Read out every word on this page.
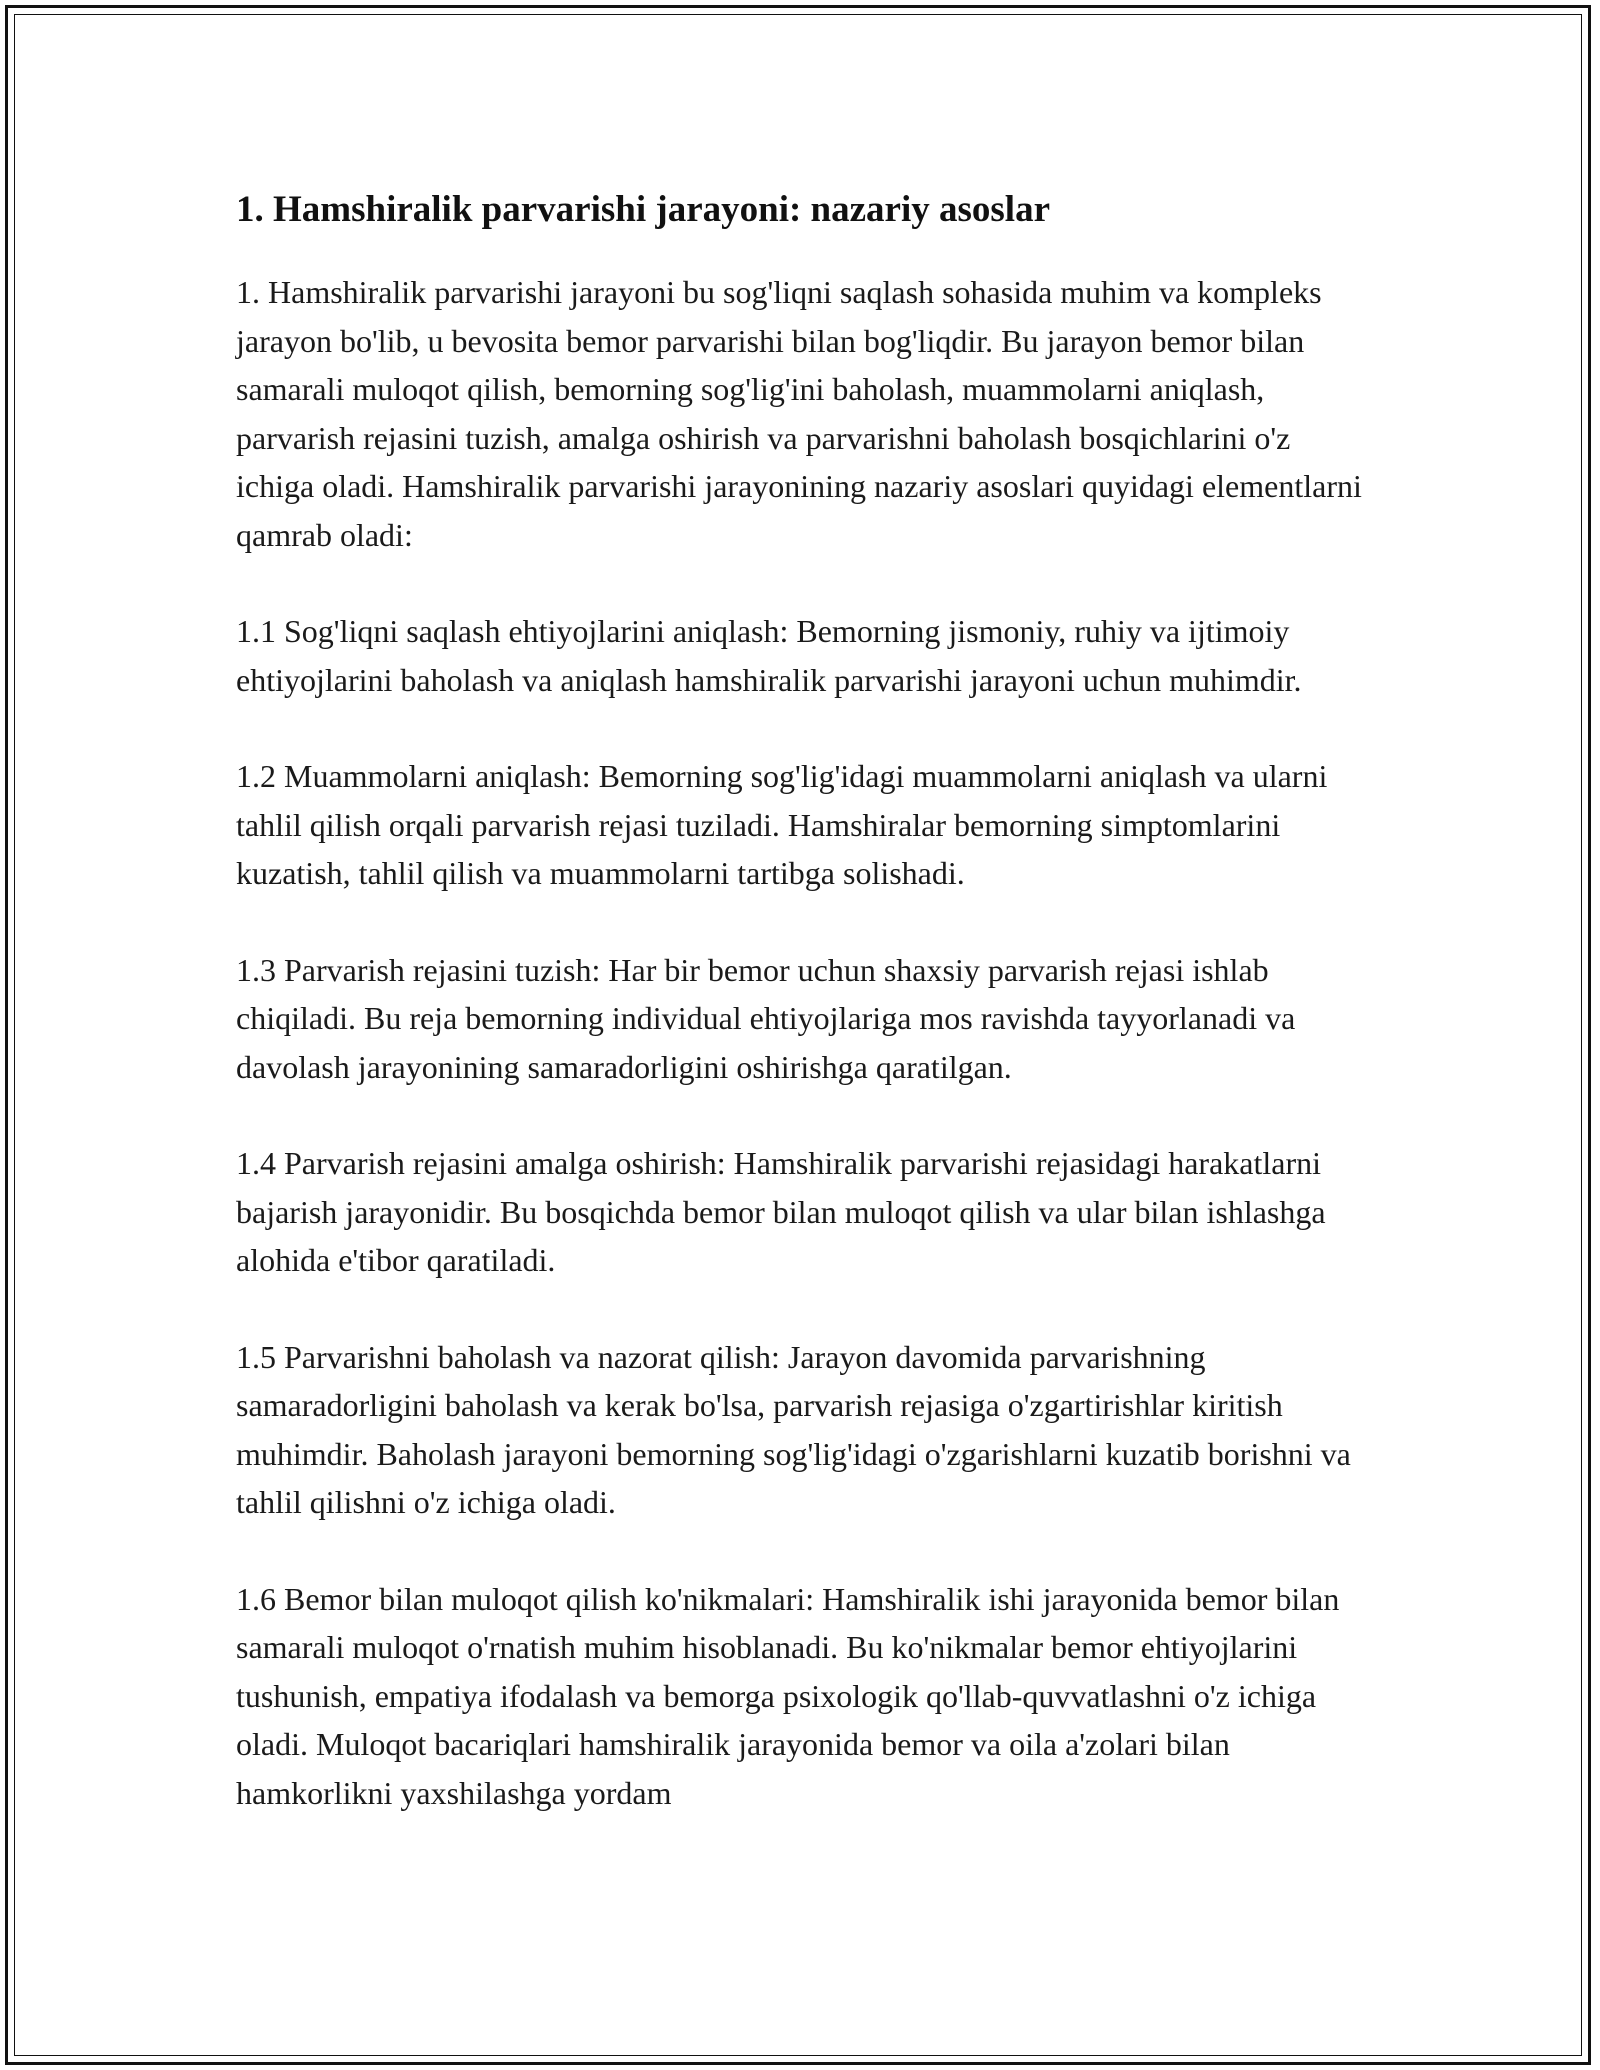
1. Hamshiralik parvarishi jarayoni: nazariy asoslar

1. Hamshiralik parvarishi jarayoni bu sog'liqni saqlash sohasida muhim va kompleks jarayon bo'lib, u bevosita bemor parvarishi bilan bog'liqdir. Bu jarayon bemor bilan samarali muloqot qilish, bemorning sog'lig'ini baholash, muammolarni aniqlash, parvarish rejasini tuzish, amalga oshirish va parvarishni baholash bosqichlarini o'z ichiga oladi. Hamshiralik parvarishi jarayonining nazariy asoslari quyidagi elementlarni qamrab oladi:

1.1 Sog'liqni saqlash ehtiyojlarini aniqlash: Bemorning jismoniy, ruhiy va ijtimoiy ehtiyojlarini baholash va aniqlash hamshiralik parvarishi jarayoni uchun muhimdir.

1.2 Muammolarni aniqlash: Bemorning sog'lig'idagi muammolarni aniqlash va ularni tahlil qilish orqali parvarish rejasi tuziladi. Hamshiralar bemorning simptomlarini kuzatish, tahlil qilish va muammolarni tartibga solishadi.

1.3 Parvarish rejasini tuzish: Har bir bemor uchun shaxsiy parvarish rejasi ishlab chiqiladi. Bu reja bemorning individual ehtiyojlariga mos ravishda tayyorlanadi va davolash jarayonining samaradorligini oshirishga qaratilgan.

1.4 Parvarish rejasini amalga oshirish: Hamshiralik parvarishi rejasidagi harakatlarni bajarish jarayonidir. Bu bosqichda bemor bilan muloqot qilish va ular bilan ishlashga alohida e'tibor qaratiladi.

1.5 Parvarishni baholash va nazorat qilish: Jarayon davomida parvarishning samaradorligini baholash va kerak bo'lsa, parvarish rejasiga o'zgartirishlar kiritish muhimdir. Baholash jarayoni bemorning sog'lig'idagi o'zgarishlarni kuzatib borishni va tahlil qilishni o'z ichiga oladi.

1.6 Bemor bilan muloqot qilish ko'nikmalari: Hamshiralik ishi jarayonida bemor bilan samarali muloqot o'rnatish muhim hisoblanadi. Bu ko'nikmalar bemor ehtiyojlarini tushunish, empatiya ifodalash va bemorga psixologik qo'llab-quvvatlashni o'z ichiga oladi. Muloqot bacariqlari hamshiralik jarayonida bemor va oila a'zolari bilan hamkorlikni yaxshilashga yordam
